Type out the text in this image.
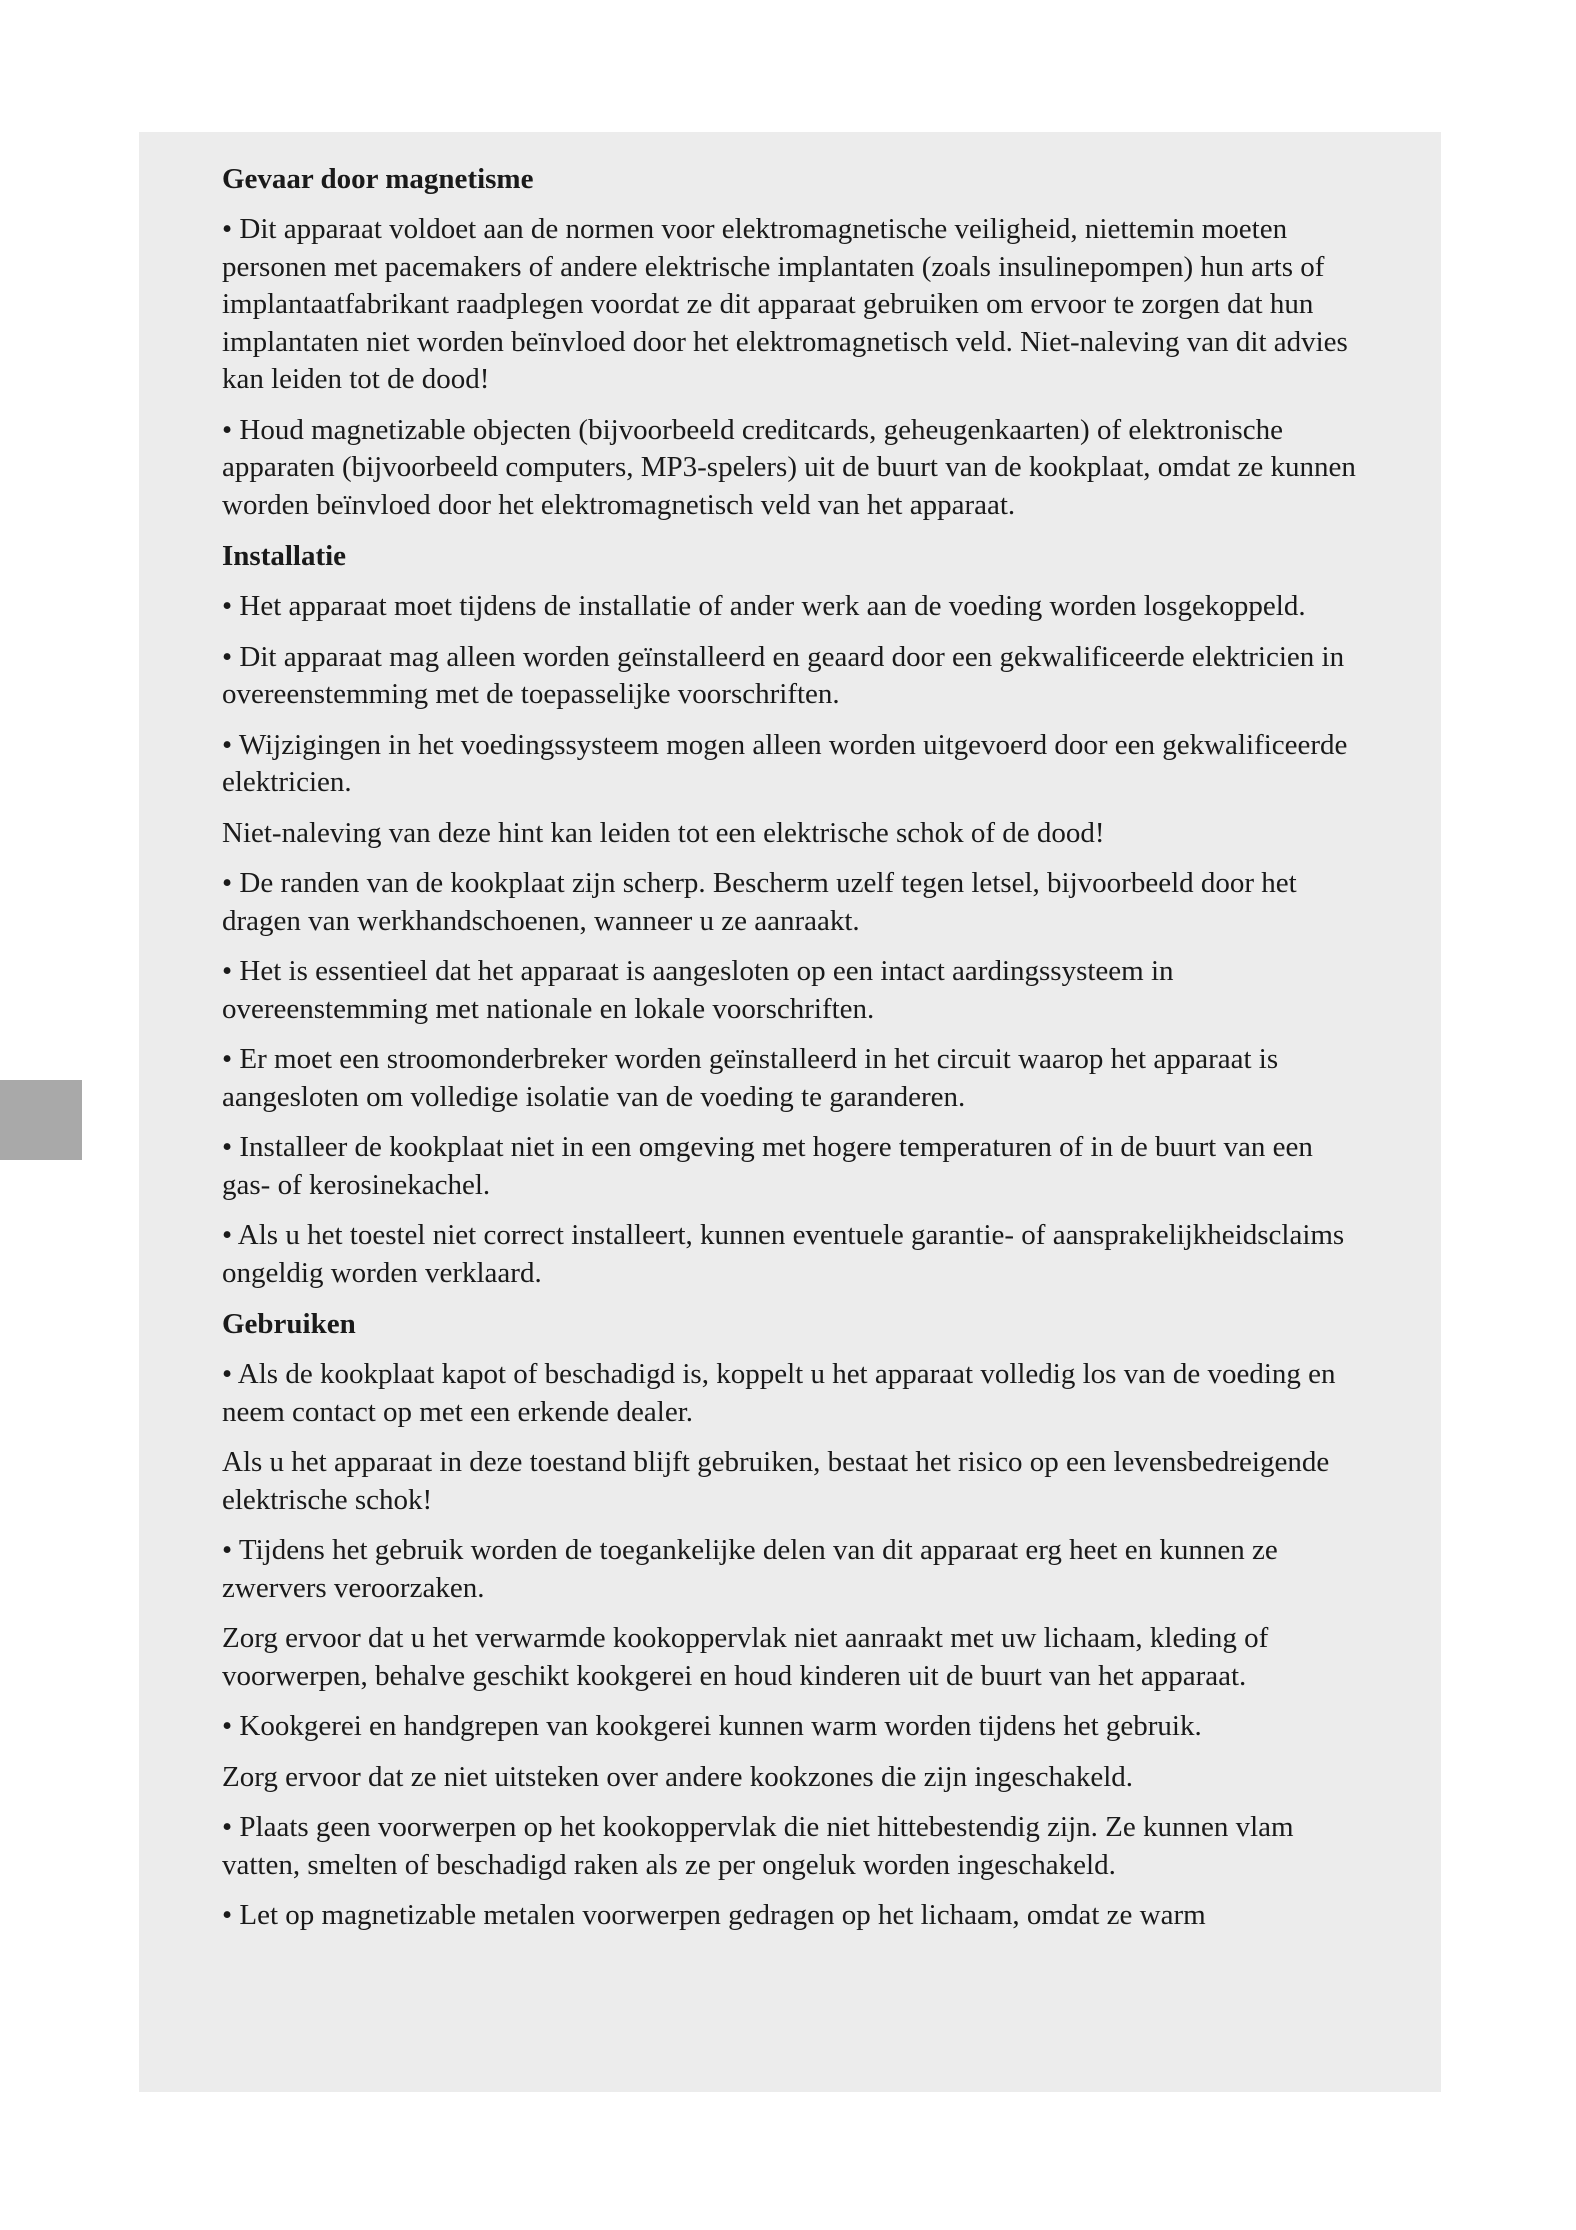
Gevaar door magnetisme

• Dit apparaat voldoet aan de normen voor elektromagnetische veiligheid, niettemin moeten personen met pacemakers of andere elektrische implantaten (zoals insulinepompen) hun arts of implantaatfabrikant raadplegen voordat ze dit apparaat gebruiken om ervoor te zorgen dat hun implantaten niet worden beïnvloed door het elektromagnetisch veld. Niet-naleving van dit advies kan leiden tot de dood!

• Houd magnetizable objecten (bijvoorbeeld creditcards, geheugenkaarten) of elektronische apparaten (bijvoorbeeld computers, MP3-spelers) uit de buurt van de kookplaat, omdat ze kunnen worden beïnvloed door het elektromagnetisch veld van het apparaat.

Installatie

• Het apparaat moet tijdens de installatie of ander werk aan de voeding worden losgekoppeld.

• Dit apparaat mag alleen worden geïnstalleerd en geaard door een gekwalificeerde elektricien in overeenstemming met de toepasselijke voorschriften.

• Wijzigingen in het voedingssysteem mogen alleen worden uitgevoerd door een gekwalificeerde elektricien.

Niet-naleving van deze hint kan leiden tot een elektrische schok of de dood!

• De randen van de kookplaat zijn scherp. Bescherm uzelf tegen letsel, bijvoorbeeld door het dragen van werkhandschoenen, wanneer u ze aanraakt.

• Het is essentieel dat het apparaat is aangesloten op een intact aardingssysteem in overeenstemming met nationale en lokale voorschriften.

• Er moet een stroomonderbreker worden geïnstalleerd in het circuit waarop het apparaat is aangesloten om volledige isolatie van de voeding te garanderen.

• Installeer de kookplaat niet in een omgeving met hogere temperaturen of in de buurt van een gas- of kerosinekachel.

• Als u het toestel niet correct installeert, kunnen eventuele garantie- of aansprakelijkheidsclaims ongeldig worden verklaard.

Gebruiken

• Als de kookplaat kapot of beschadigd is, koppelt u het apparaat volledig los van de voeding en neem contact op met een erkende dealer.

Als u het apparaat in deze toestand blijft gebruiken, bestaat het risico op een levensbedreigende elektrische schok!

• Tijdens het gebruik worden de toegankelijke delen van dit apparaat erg heet en kunnen ze zwervers veroorzaken.

Zorg ervoor dat u het verwarmde kookoppervlak niet aanraakt met uw lichaam, kleding of voorwerpen, behalve geschikt kookgerei en houd kinderen uit de buurt van het apparaat.

• Kookgerei en handgrepen van kookgerei kunnen warm worden tijdens het gebruik.

Zorg ervoor dat ze niet uitsteken over andere kookzones die zijn ingeschakeld.

• Plaats geen voorwerpen op het kookoppervlak die niet hittebestendig zijn. Ze kunnen vlam vatten, smelten of beschadigd raken als ze per ongeluk worden ingeschakeld.

• Let op magnetizable metalen voorwerpen gedragen op het lichaam, omdat ze warm
